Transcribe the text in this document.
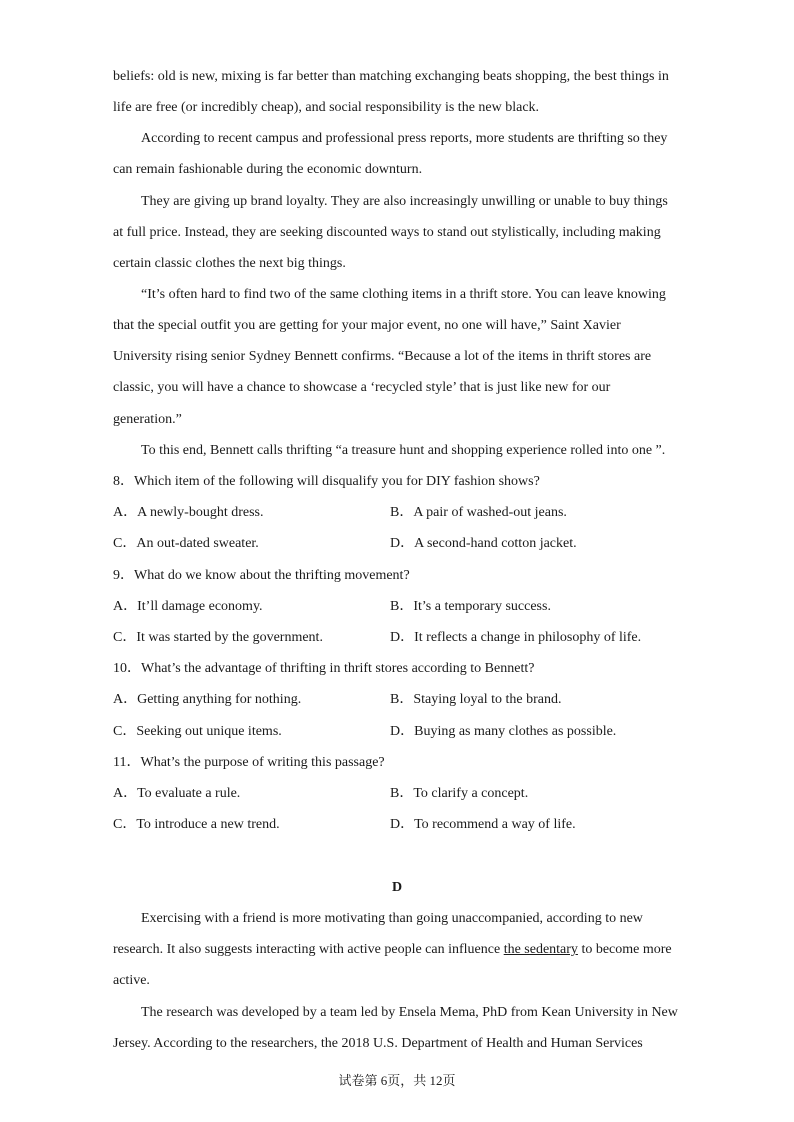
beliefs: old is new, mixing is far better than matching exchanging beats shopping, the best things in
life are free (or incredibly cheap), and social responsibility is the new black.
According to recent campus and professional press reports, more students are thrifting so they
can remain fashionable during the economic downturn.
They are giving up brand loyalty. They are also increasingly unwilling or unable to buy things
at full price. Instead, they are seeking discounted ways to stand out stylistically, including making
certain classic clothes the next big things.
“It’s often hard to find two of the same clothing items in a thrift store. You can leave knowing
that the special outfit you are getting for your major event, no one will have,” Saint Xavier
University rising senior Sydney Bennett confirms. “Because a lot of the items in thrift stores are
classic, you will have a chance to showcase a ‘recycled style’ that is just like new for our
generation.”
To this end, Bennett calls thrifting “a treasure hunt and shopping experience rolled into one ”.
8．Which item of the following will disqualify you for DIY fashion shows?
A．A newly-bought dress.	B．A pair of washed-out jeans.
C．An out-dated sweater.	D．A second-hand cotton jacket.
9．What do we know about the thrifting movement?
A．It’ll damage economy.	B．It’s a temporary success.
C．It was started by the government.	D．It reflects a change in philosophy of life.
10．What’s the advantage of thrifting in thrift stores according to Bennett?
A．Getting anything for nothing.	B．Staying loyal to the brand.
C．Seeking out unique items.	D．Buying as many clothes as possible.
11．What’s the purpose of writing this passage?
A．To evaluate a rule.	B．To clarify a concept.
C．To introduce a new trend.	D．To recommend a way of life.
D
Exercising with a friend is more motivating than going unaccompanied, according to new
research. It also suggests interacting with active people can influence the sedentary to become more
active.
The research was developed by a team led by Ensela Mema, PhD from Kean University in New
Jersey. According to the researchers, the 2018 U.S. Department of Health and Human Services
试卷第 6页，共 12页
